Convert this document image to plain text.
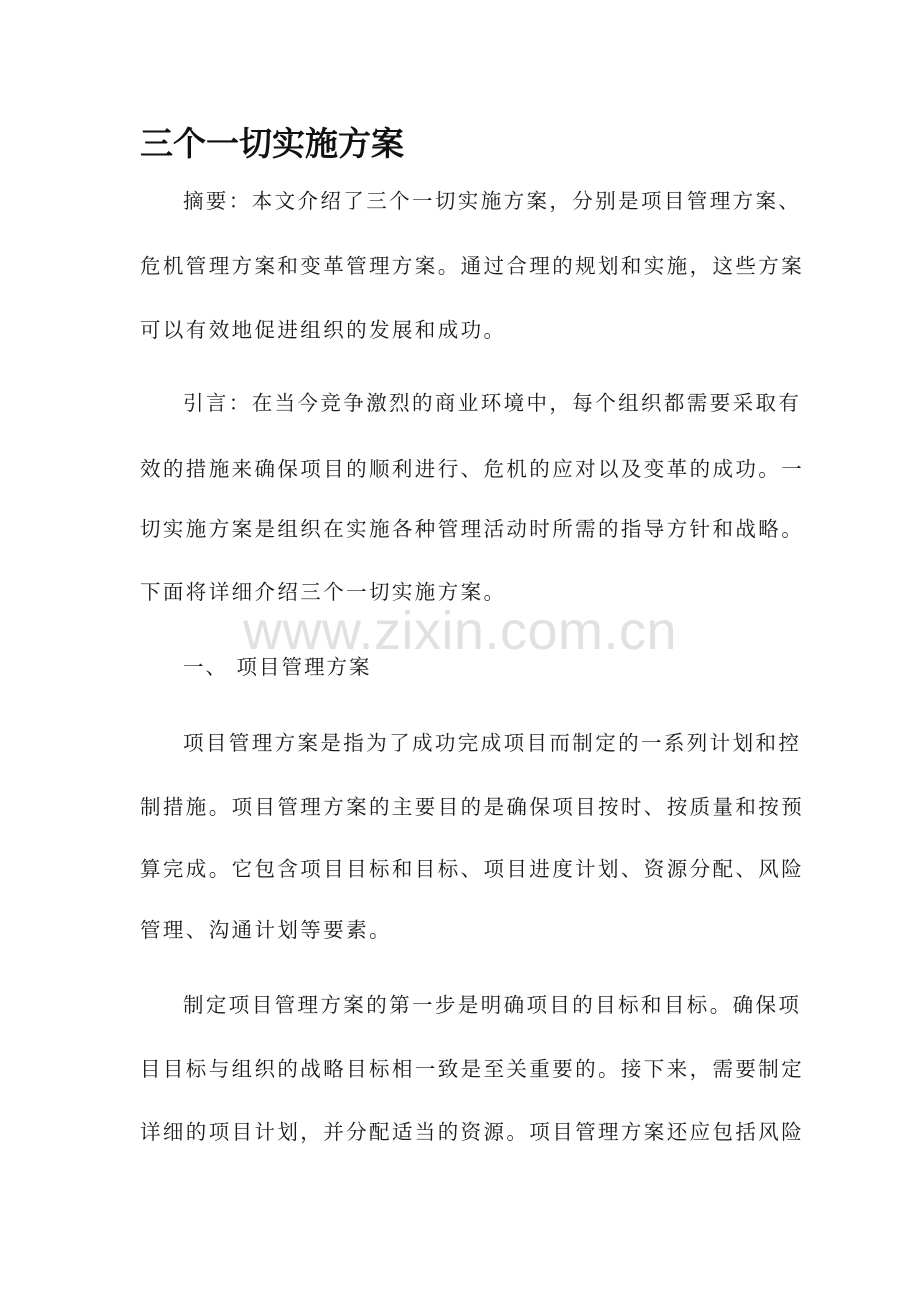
三个一切实施方案
www.zixin.com.cn

摘要：本文介绍了三个一切实施方案，分别是项目管理方案、

危机管理方案和变革管理方案。通过合理的规划和实施，这些方案

可以有效地促进组织的发展和成功。

引言：在当今竞争激烈的商业环境中，每个组织都需要采取有

效的措施来确保项目的顺利进行、危机的应对以及变革的成功。一

切实施方案是组织在实施各种管理活动时所需的指导方针和战略。

下面将详细介绍三个一切实施方案。

一、 项目管理方案

项目管理方案是指为了成功完成项目而制定的一系列计划和控

制措施。项目管理方案的主要目的是确保项目按时、按质量和按预

算完成。它包含项目目标和目标、项目进度计划、资源分配、风险

管理、沟通计划等要素。

制定项目管理方案的第一步是明确项目的目标和目标。确保项

目目标与组织的战略目标相一致是至关重要的。接下来，需要制定

详细的项目计划，并分配适当的资源。项目管理方案还应包括风险
